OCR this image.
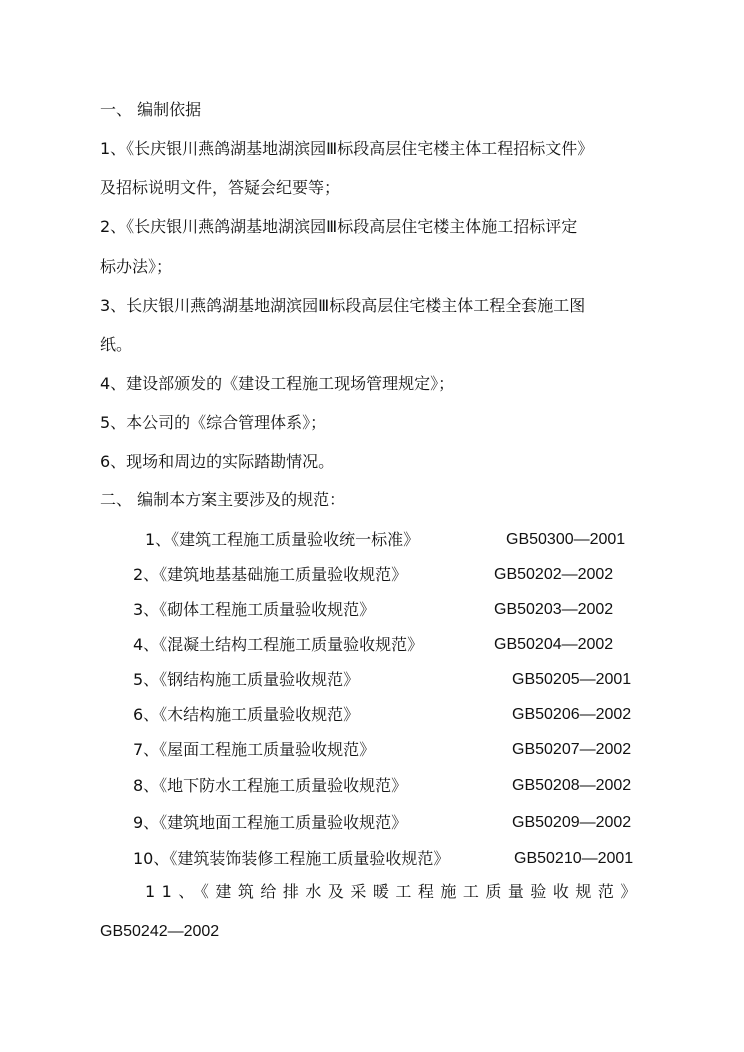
一、 编制依据
1、《长庆银川燕鸽湖基地湖滨园Ⅲ标段高层住宅楼主体工程招标文件》
及招标说明文件，答疑会纪要等；
2、《长庆银川燕鸽湖基地湖滨园Ⅲ标段高层住宅楼主体施工招标评定
标办法》；
3、长庆银川燕鸽湖基地湖滨园Ⅲ标段高层住宅楼主体工程全套施工图
纸。
4、建设部颁发的《建设工程施工现场管理规定》；
5、本公司的《综合管理体系》；
6、现场和周边的实际踏勘情况。
二、 编制本方案主要涉及的规范：
1、《建筑工程施工质量验收统一标准》	GB50300—2001
2、《建筑地基基础施工质量验收规范》	GB50202—2002
3、《砌体工程施工质量验收规范》	GB50203—2002
4、《混凝土结构工程施工质量验收规范》	GB50204—2002
5、《钢结构施工质量验收规范》	GB50205—2001
6、《木结构施工质量验收规范》	GB50206—2002
7、《屋面工程施工质量验收规范》	GB50207—2002
8、《地下防水工程施工质量验收规范》	GB50208—2002
9、《建筑地面工程施工质量验收规范》	GB50209—2002
10、《建筑装饰装修工程施工质量验收规范》	GB50210—2001
11、《建筑给排水及采暖工程施工质量验收规范》
GB50242—2002
